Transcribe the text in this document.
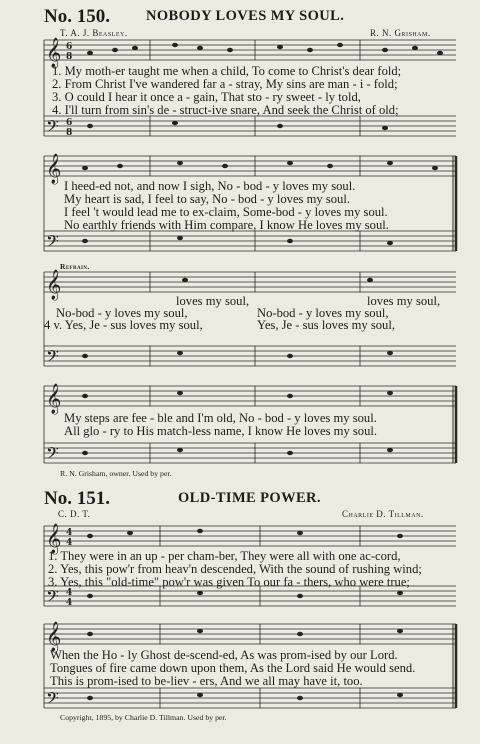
No. 150. NOBODY LOVES MY SOUL.
T. A. J. Beasley.	R. N. Grisham.
𝄞
𝄢
𝄞
𝄢
𝄞
𝄢
𝄞
𝄢
𝄞
𝄢
𝄞
𝄢
6
8
6
8
4
4
4
4
1. My moth-er taught me when a child, To come to Christ's dear fold;
2. From Christ I've wandered far a - stray, My sins are man - i - fold;
3. O could I hear it once a - gain, That sto - ry sweet - ly told,
4. I'll turn from sin's de - struct-ive snare, And seek the Christ of old;
I heed-ed not, and now I sigh, No - bod - y loves my soul.
My heart is sad, I feel to say, No - bod - y loves my soul.
I feel 't would lead me to ex-claim, Some-bod - y loves my soul.
No earthly friends with Him compare, I know He loves my soul.
Refrain.
loves my soul,	loves my soul,
No-bod - y loves my soul,	No-bod - y loves my soul,
4 v. Yes, Je - sus loves my soul,	Yes, Je - sus loves my soul,
My steps are fee - ble and I'm old, No - bod - y loves my soul.
All glo - ry to His match-less name, I know He loves my soul.
R. N. Grisham, owner. Used by per.
No. 151.	OLD-TIME POWER.
C. D. T.	Charlie D. Tillman.
1. They were in an up - per cham-ber, They were all with one ac-cord,
2. Yes, this pow'r from heav'n descended, With the sound of rushing wind;
3. Yes, this "old-time" pow'r was given To our fa - thers, who were true;
When the Ho - ly Ghost de-scend-ed, As was prom-ised by our Lord.
Tongues of fire came down upon them, As the Lord said He would send.
This is prom-ised to be-liev - ers, And we all may have it, too.
Copyright, 1895, by Charlie D. Tillman. Used by per.
